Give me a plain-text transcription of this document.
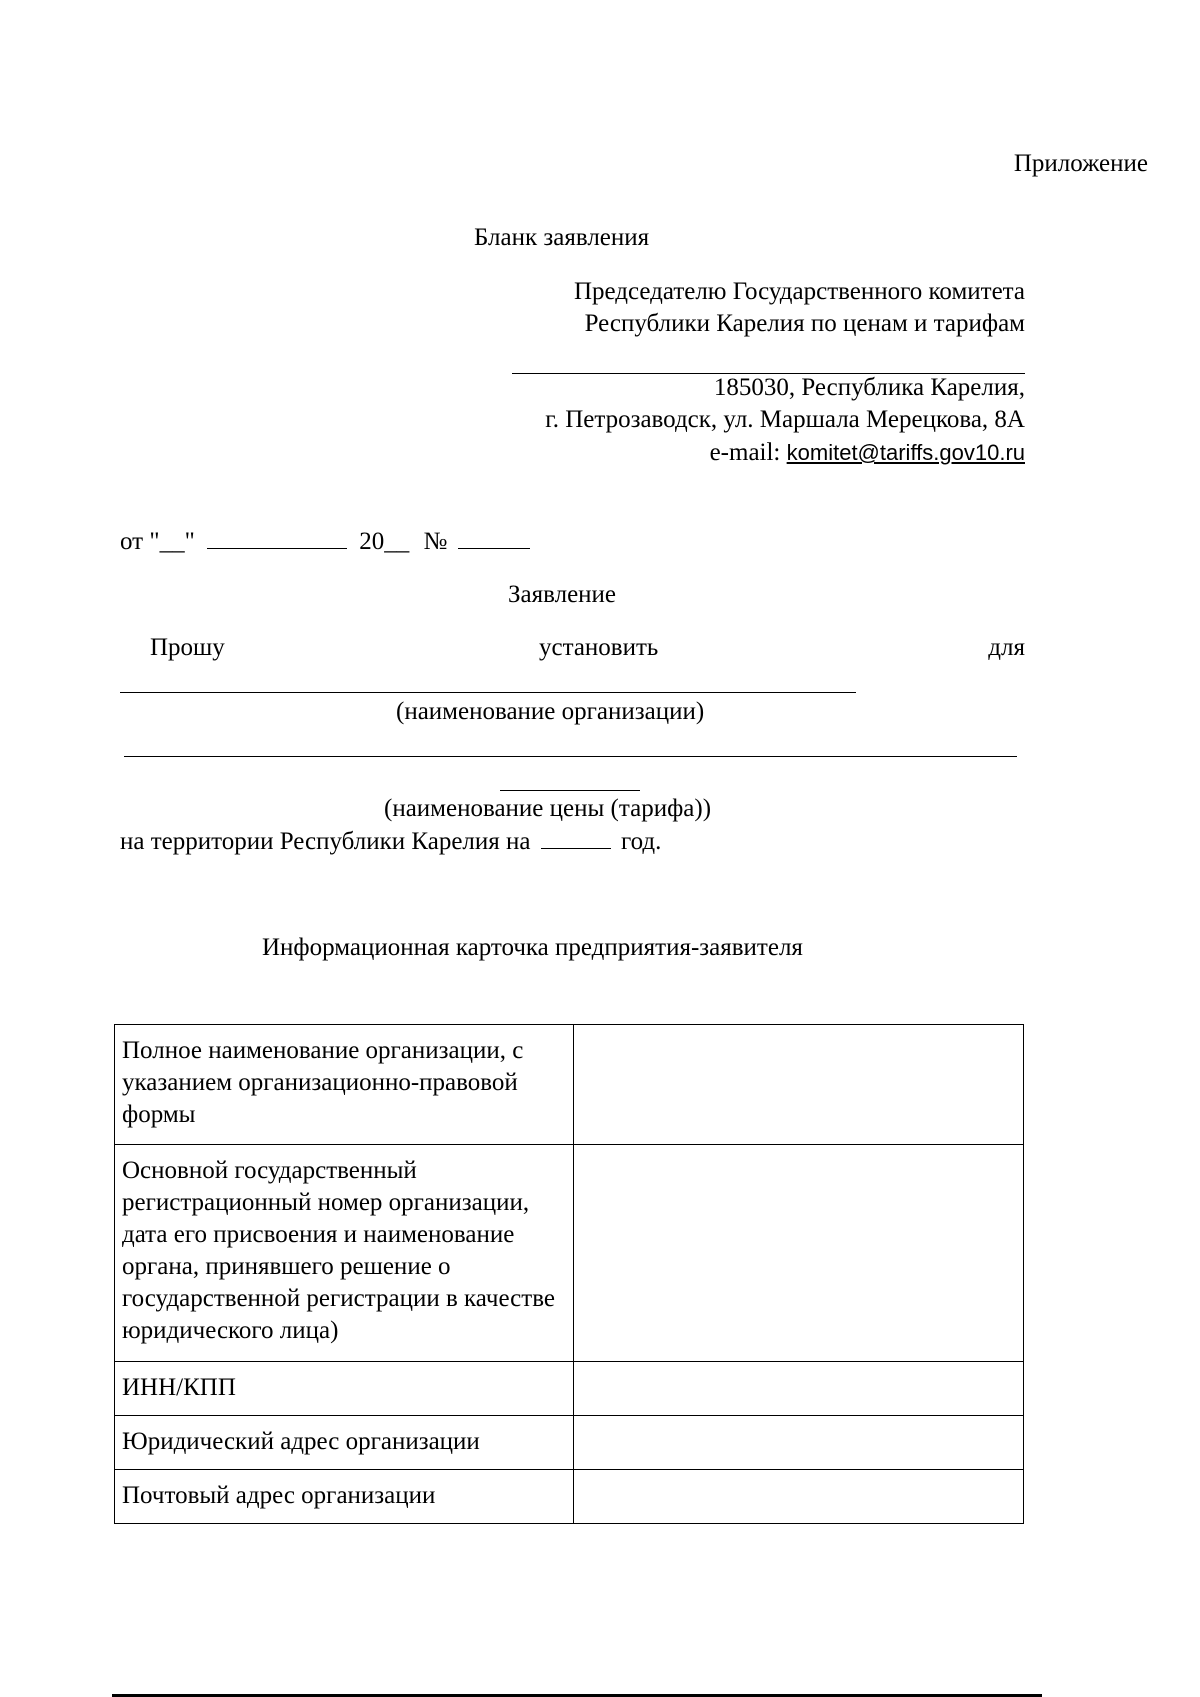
Приложение
Бланк заявления
Председателю Государственного комитета
Республики Карелия по ценам и тарифам
185030, Республика Карелия,
г. Петрозаводск, ул. Маршала Мерецкова, 8А
e-mail: komitet@tariffs.gov10.ru
от "__"	20__ №
Заявление
Прошу	установить	для
(наименование организации)
(наименование цены (тарифа))
на территории Республики Карелия на	год.
Информационная карточка предприятия-заявителя
Полное наименование организации, с указанием организационно-правовой формы	
Основной государственный регистрационный номер организации, дата его присвоения и наименование органа, принявшего решение о государственной регистрации в качестве юридического лица)	
ИНН/КПП	
Юридический адрес организации	
Почтовый адрес организации	
